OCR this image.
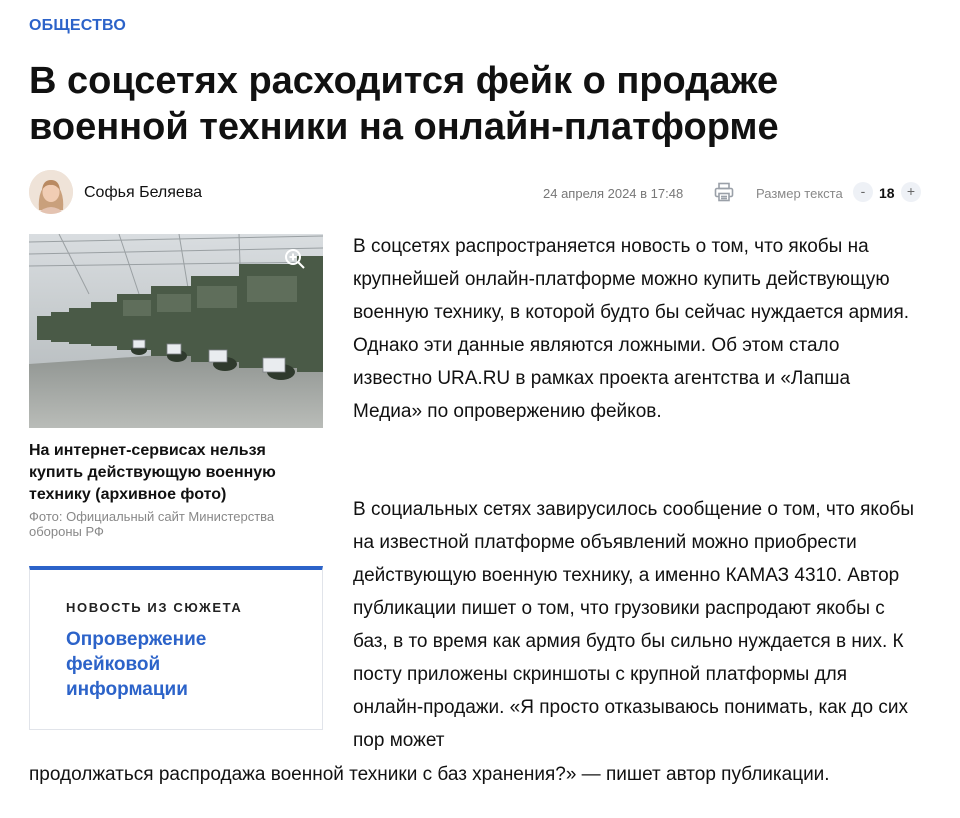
ОБЩЕСТВО
В соцсетях расходится фейк о продаже военной техники на онлайн-платформе
Софья Беляева	24 апреля 2024 в 17:48	Размер текста	- 18 +
На интернет-сервисах нельзя купить действующую военную технику (архивное фото)
Фото: Официальный сайт Министерства обороны РФ
НОВОСТЬ ИЗ СЮЖЕТА
Опровержение фейковой информации

В соцсетях распространяется новость о том, что якобы на крупнейшей онлайн-платформе можно купить действующую военную технику, в которой будто бы сейчас нуждается армия. Однако эти данные являются ложными. Об этом стало известно URA.RU в рамках проекта агентства и «Лапша Медиа» по опровержению фейков.

В социальных сетях завирусилось сообщение о том, что якобы на известной платформе объявлений можно приобрести действующую военную технику, а именно КАМАЗ 4310. Автор публикации пишет о том, что грузовики распродают якобы с баз, в то время как армия будто бы сильно нуждается в них. К посту приложены скриншоты с крупной платформы для онлайн-продажи. «Я просто отказываюсь понимать, как до сих пор может

продолжаться распродажа военной техники с баз хранения?» — пишет автор публикации.
